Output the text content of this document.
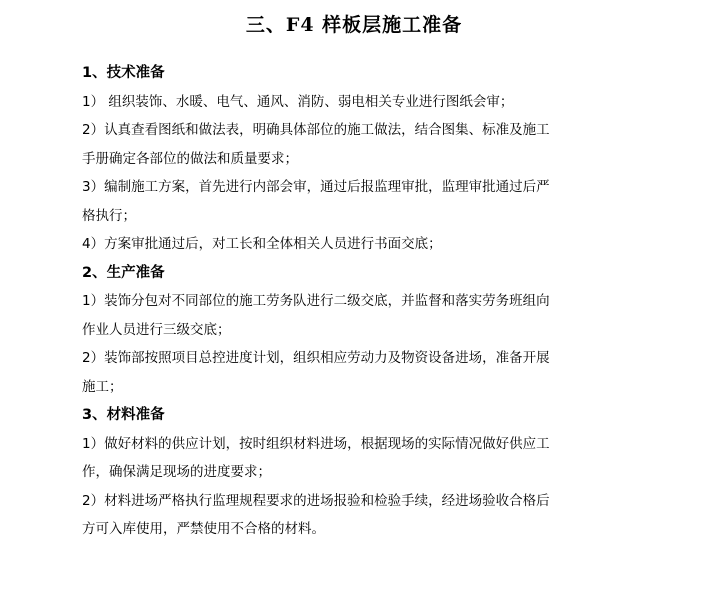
三、F4 样板层施工准备
1、技术准备
1） 组织装饰、水暖、电气、通风、消防、弱电相关专业进行图纸会审；
2）认真查看图纸和做法表，明确具体部位的施工做法，结合图集、标准及施工
手册确定各部位的做法和质量要求；
3）编制施工方案，首先进行内部会审，通过后报监理审批，监理审批通过后严
格执行；
4）方案审批通过后，对工长和全体相关人员进行书面交底；
2、生产准备
1）装饰分包对不同部位的施工劳务队进行二级交底，并监督和落实劳务班组向
作业人员进行三级交底；
2）装饰部按照项目总控进度计划，组织相应劳动力及物资设备进场，准备开展
施工；
3、材料准备
1）做好材料的供应计划，按时组织材料进场，根据现场的实际情况做好供应工
作，确保满足现场的进度要求；
2）材料进场严格执行监理规程要求的进场报验和检验手续，经进场验收合格后
方可入库使用，严禁使用不合格的材料。
